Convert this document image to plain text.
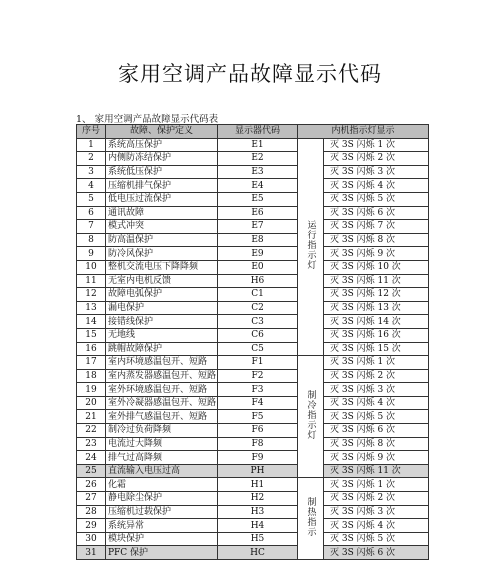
家用空调产品故障显示代码
1、 家用空调产品故障显示代码表
序号	故障、保护定义	显示器代码	内机指示灯显示	
1	系统高压保护	E1	运行指示灯	灭 3S 闪烁 1 次
2	内侧防冻结保护	E2		灭 3S 闪烁 2 次
3	系统低压保护	E3		灭 3S 闪烁 3 次
4	压缩机排气保护	E4		灭 3S 闪烁 4 次
5	低电压过流保护	E5		灭 3S 闪烁 5 次
6	通讯故障	E6		灭 3S 闪烁 6 次
7	模式冲突	E7		灭 3S 闪烁 7 次
8	防高温保护	E8		灭 3S 闪烁 8 次
9	防冷风保护	E9		灭 3S 闪烁 9 次
10	整机交流电压下降降频	E0		灭 3S 闪烁 10 次
11	无室内电机反馈	H6		灭 3S 闪烁 11 次
12	故障电弧保护	C1		灭 3S 闪烁 12 次
13	漏电保护	C2		灭 3S 闪烁 13 次
14	接错线保护	C3		灭 3S 闪烁 14 次
15	无地线	C6		灭 3S 闪烁 16 次
16	跳帽故障保护	C5		灭 3S 闪烁 15 次
17	室内环境感温包开、短路	F1	制冷指示灯	灭 3S 闪烁 1 次
18	室内蒸发器感温包开、短路	F2		灭 3S 闪烁 2 次
19	室外环境感温包开、短路	F3		灭 3S 闪烁 3 次
20	室外冷凝器感温包开、短路	F4		灭 3S 闪烁 4 次
21	室外排气感温包开、短路	F5		灭 3S 闪烁 5 次
22	制冷过负荷降频	F6		灭 3S 闪烁 6 次
23	电流过大降频	F8		灭 3S 闪烁 8 次
24	排气过高降频	F9		灭 3S 闪烁 9 次
25	直流输入电压过高	PH		灭 3S 闪烁 11 次
26	化霜	H1	制热指示	灭 3S 闪烁 1 次
27	静电除尘保护	H2		灭 3S 闪烁 2 次
28	压缩机过载保护	H3		灭 3S 闪烁 3 次
29	系统异常	H4		灭 3S 闪烁 4 次
30	模块保护	H5		灭 3S 闪烁 5 次
31	PFC 保护	HC		灭 3S 闪烁 6 次
